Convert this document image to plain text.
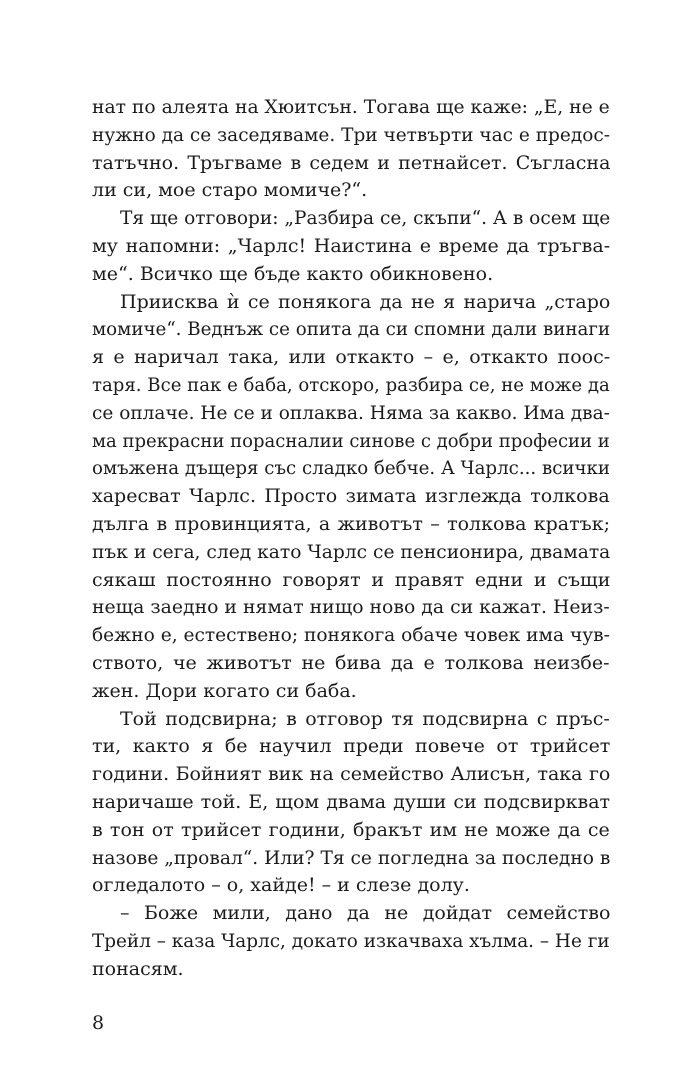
нат по алеята на Хюитсън. Тогава ще каже: „Е, не е
нужно да се заседяваме. Три четвърти час е предос-
татъчно. Тръгваме в седем и петнайсет. Съгласна
ли си, мое старо момиче?“.
Тя ще отговори: „Разбира се, скъпи“. А в осем ще
му напомни: „Чарлс! Наистина е време да тръгва-
ме“. Всичко ще бъде както обикновено.
Приисква ѝ се понякога да не я нарича „старо
момиче“. Веднъж се опита да си спомни дали винаги
я е наричал така, или откакто – е, откакто поос-
таря. Все пак е баба, отскоро, разбира се, не може да
се оплаче. Не се и оплаква. Няма за какво. Има два-
ма прекрасни порасналии синове с добри професии и
омъжена дъщеря със сладко бебче. А Чарлс... всички
харесват Чарлс. Просто зимата изглежда толкова
дълга в провинцията, а животът – толкова кратък;
пък и сега, след като Чарлс се пенсионира, двамата
сякаш постоянно говорят и правят едни и същи
неща заедно и нямат нищо ново да си кажат. Неиз-
бежно е, естествено; понякога обаче човек има чув-
ството, че животът не бива да е толкова неизбе-
жен. Дори когато си баба.
Той подсвирна; в отговор тя подсвирна с пръс-
ти, както я бе научил преди повече от трийсет
години. Бойният вик на семейство Алисън, така го
наричаше той. Е, щом двама души си подсвиркват
в тон от трийсет години, бракът им не може да се
назове „провал“. Или? Тя се погледна за последно в
огледалото – о, хайде! – и слезе долу.
– Боже мили, дано да не дойдат семейство
Трейл – каза Чарлс, докато изкачваха хълма. – Не ги
понасям.
8
